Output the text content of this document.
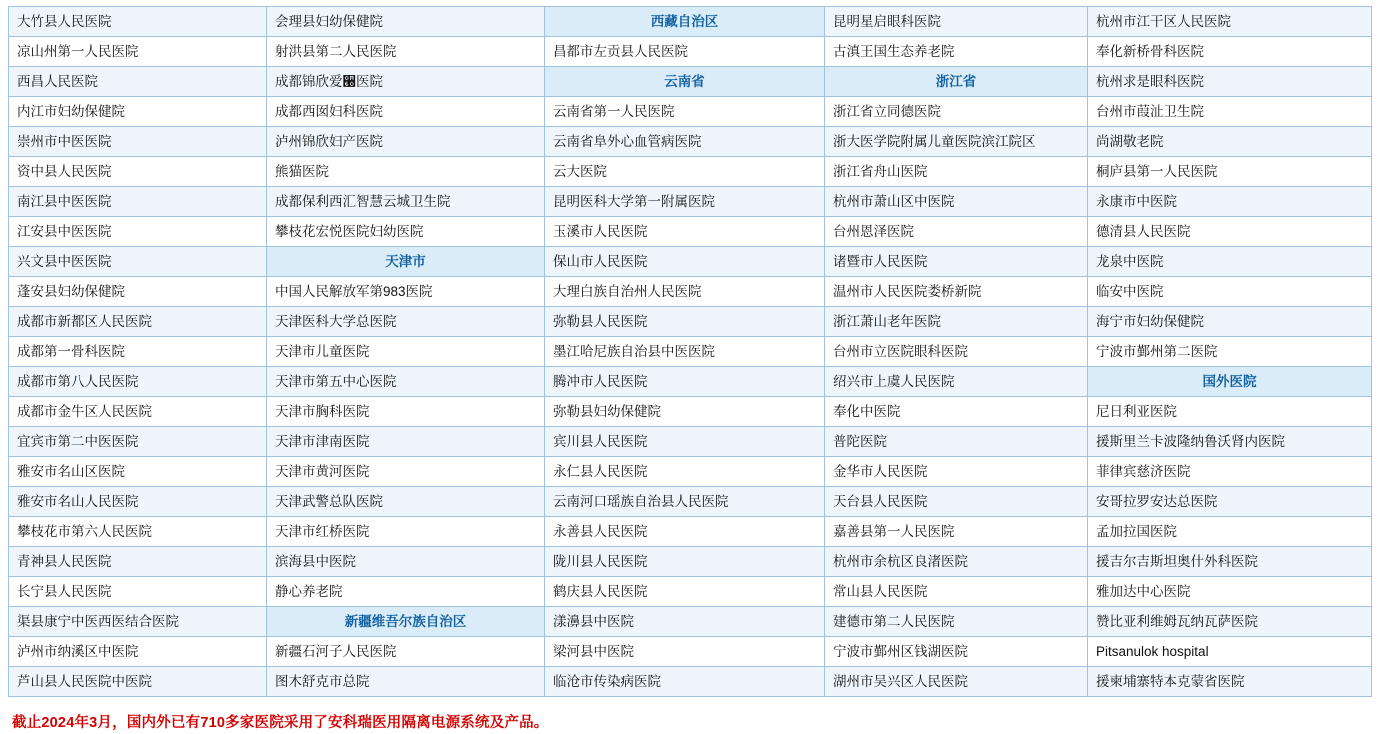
大竹县人民医院	会理县妇幼保健院	西藏自治区	昆明星启眼科医院	杭州市江干区人民医院
凉山州第一人民医院	射洪县第二人民医院	昌都市左贡县人民医院	古滇王国生态养老院	奉化新桥骨科医院
西昌人民医院	成都锦欣爱੠医院	云南省	浙江省	杭州求是眼科医院
内江市妇幼保健院	成都西囡妇科医院	云南省第一人民医院	浙江省立同德医院	台州市葭沚卫生院
崇州市中医医院	泸州锦欣妇产医院	云南省阜外心血管病医院	浙大医学院附属儿童医院滨江院区	尚湖敬老院
资中县人民医院	熊猫医院	云大医院	浙江省舟山医院	桐庐县第一人民医院
南江县中医医院	成都保利西汇智慧云城卫生院	昆明医科大学第一附属医院	杭州市萧山区中医院	永康市中医院
江安县中医医院	攀枝花宏悦医院妇幼医院	玉溪市人民医院	台州恩泽医院	德清县人民医院
兴文县中医医院	天津市	保山市人民医院	诸暨市人民医院	龙泉中医院
蓬安县妇幼保健院	中国人民解放军第983医院	大理白族自治州人民医院	温州市人民医院娄桥新院	临安中医院
成都市新都区人民医院	天津医科大学总医院	弥勒县人民医院	浙江萧山老年医院	海宁市妇幼保健院
成都第一骨科医院	天津市儿童医院	墨江哈尼族自治县中医医院	台州市立医院眼科医院	宁波市鄞州第二医院
成都市第八人民医院	天津市第五中心医院	腾冲市人民医院	绍兴市上虞人民医院	国外医院
成都市金牛区人民医院	天津市胸科医院	弥勒县妇幼保健院	奉化中医院	尼日利亚医院
宜宾市第二中医医院	天津市津南医院	宾川县人民医院	普陀医院	援斯里兰卡波隆纳鲁沃肾内医院
雅安市名山区医院	天津市黄河医院	永仁县人民医院	金华市人民医院	菲律宾慈济医院
雅安市名山人民医院	天津武警总队医院	云南河口瑶族自治县人民医院	天台县人民医院	安哥拉罗安达总医院
攀枝花市第六人民医院	天津市红桥医院	永善县人民医院	嘉善县第一人民医院	孟加拉国医院
青神县人民医院	滨海县中医院	陇川县人民医院	杭州市余杭区良渚医院	援吉尔吉斯坦奥什外科医院
长宁县人民医院	静心养老院	鹤庆县人民医院	常山县人民医院	雅加达中心医院
渠县康宁中医西医结合医院	新疆维吾尔族自治区	漾濞县中医院	建德市第二人民医院	赞比亚利维姆瓦纳瓦萨医院
泸州市纳溪区中医院	新疆石河子人民医院	梁河县中医院	宁波市鄞州区钱湖医院	Pitsanulok hospital
芦山县人民医院中医院	图木舒克市总院	临沧市传染病医院	湖州市吴兴区人民医院	援柬埔寨特本克蒙省医院
截止2024年3月，国内外已有710多家医院采用了安科瑞医用隔离电源系统及产品。
